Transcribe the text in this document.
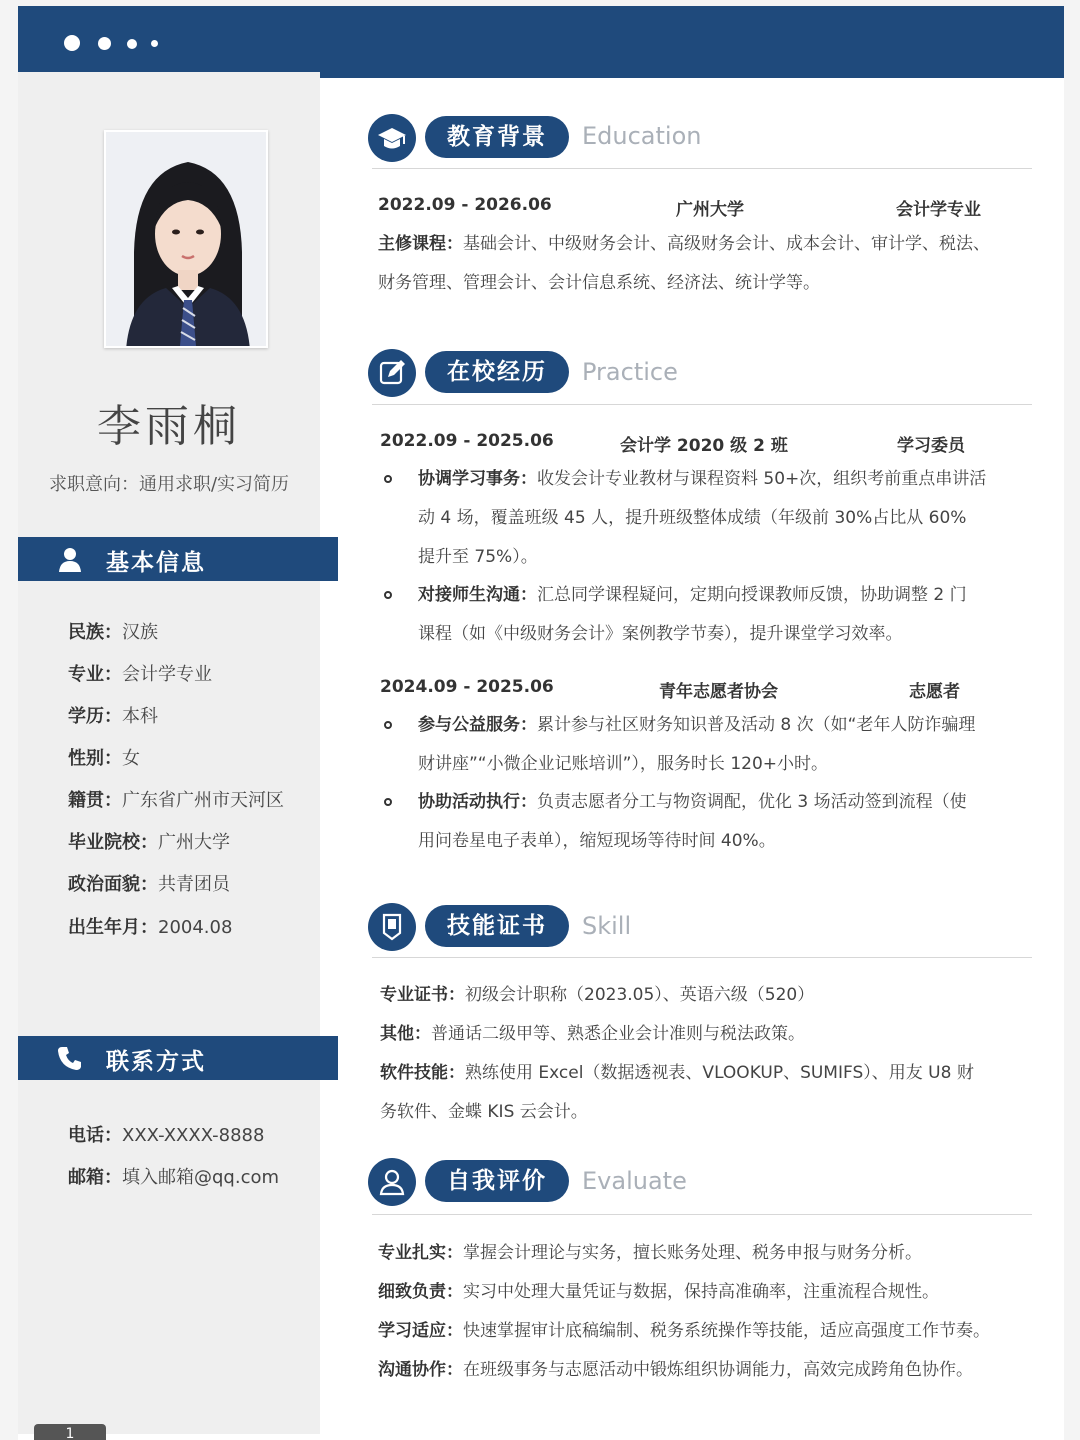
李雨桐
求职意向：通用求职/实习简历
基本信息
民族：汉族
专业：会计学专业
学历：本科
性别：女
籍贯：广东省广州市天河区
毕业院校：广州大学
政治面貌：共青团员
出生年月：2004.08
联系方式
电话：XXX-XXXX-8888
邮箱：填入邮箱@qq.com
教育背景	Education
2022.09 - 2026.06	广州大学	会计学专业
主修课程：基础会计、中级财务会计、高级财务会计、成本会计、审计学、税法、
财务管理、管理会计、会计信息系统、经济法、统计学等。
在校经历	Practice
2022.09 - 2025.06	会计学 2020 级 2 班	学习委员
协调学习事务：收发会计专业教材与课程资料 50+次，组织考前重点串讲活
动 4 场，覆盖班级 45 人，提升班级整体成绩（年级前 30%占比从 60%
提升至 75%）。
对接师生沟通：汇总同学课程疑问，定期向授课教师反馈，协助调整 2 门
课程（如《中级财务会计》案例教学节奏），提升课堂学习效率。
2024.09 - 2025.06	青年志愿者协会	志愿者
参与公益服务：累计参与社区财务知识普及活动 8 次（如“老年人防诈骗理
财讲座”“小微企业记账培训”），服务时长 120+小时。
协助活动执行：负责志愿者分工与物资调配，优化 3 场活动签到流程（使
用问卷星电子表单），缩短现场等待时间 40%。
技能证书	Skill
专业证书：初级会计职称（2023.05）、英语六级（520）
其他：普通话二级甲等、熟悉企业会计准则与税法政策。
软件技能：熟练使用 Excel（数据透视表、VLOOKUP、SUMIFS）、用友 U8 财
务软件、金蝶 KIS 云会计。
自我评价	Evaluate
专业扎实：掌握会计理论与实务，擅长账务处理、税务申报与财务分析。
细致负责：实习中处理大量凭证与数据，保持高准确率，注重流程合规性。
学习适应：快速掌握审计底稿编制、税务系统操作等技能，适应高强度工作节奏。
沟通协作：在班级事务与志愿活动中锻炼组织协调能力，高效完成跨角色协作。
1
